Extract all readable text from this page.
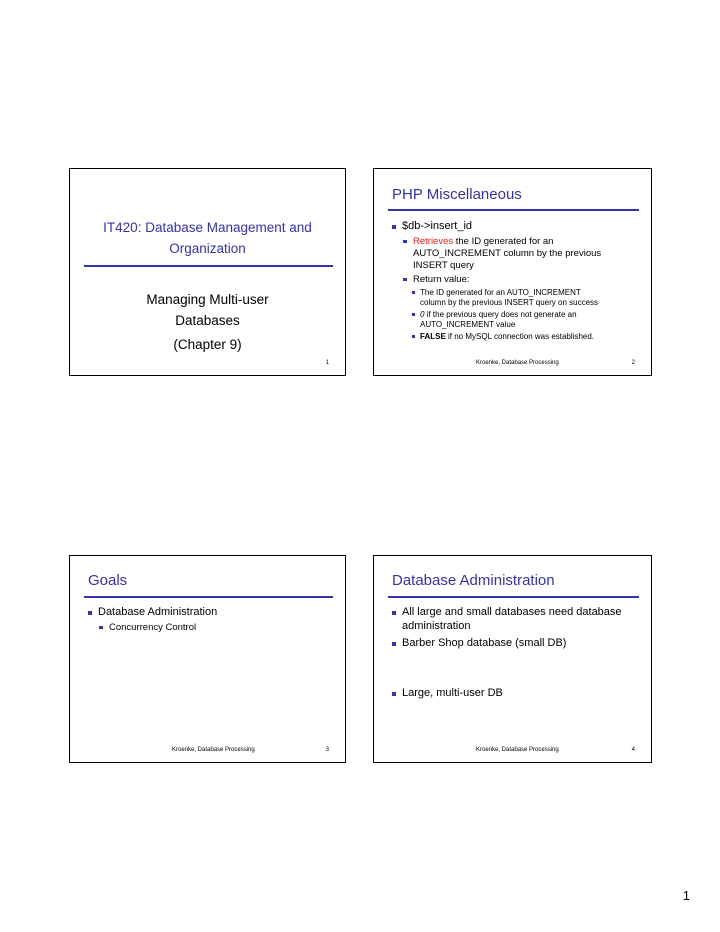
IT420: Database Management and
Organization
Managing Multi-user
Databases
(Chapter 9)
1
PHP Miscellaneous
$db->insert_id
Retrieves the ID generated for an
AUTO_INCREMENT column by the previous
INSERT query
Return value:
The ID generated for an AUTO_INCREMENT
column by the previous INSERT query on success
0 if the previous query does not generate an
AUTO_INCREMENT value
FALSE if no MySQL connection was established.
Kroenke, Database Processing	2
Goals
Database Administration
Concurrency Control
Kroenke, Database Processing	3
Database Administration
All large and small databases need database
administration
Barber Shop database (small DB)
Large, multi-user DB
Kroenke, Database Processing	4
1
